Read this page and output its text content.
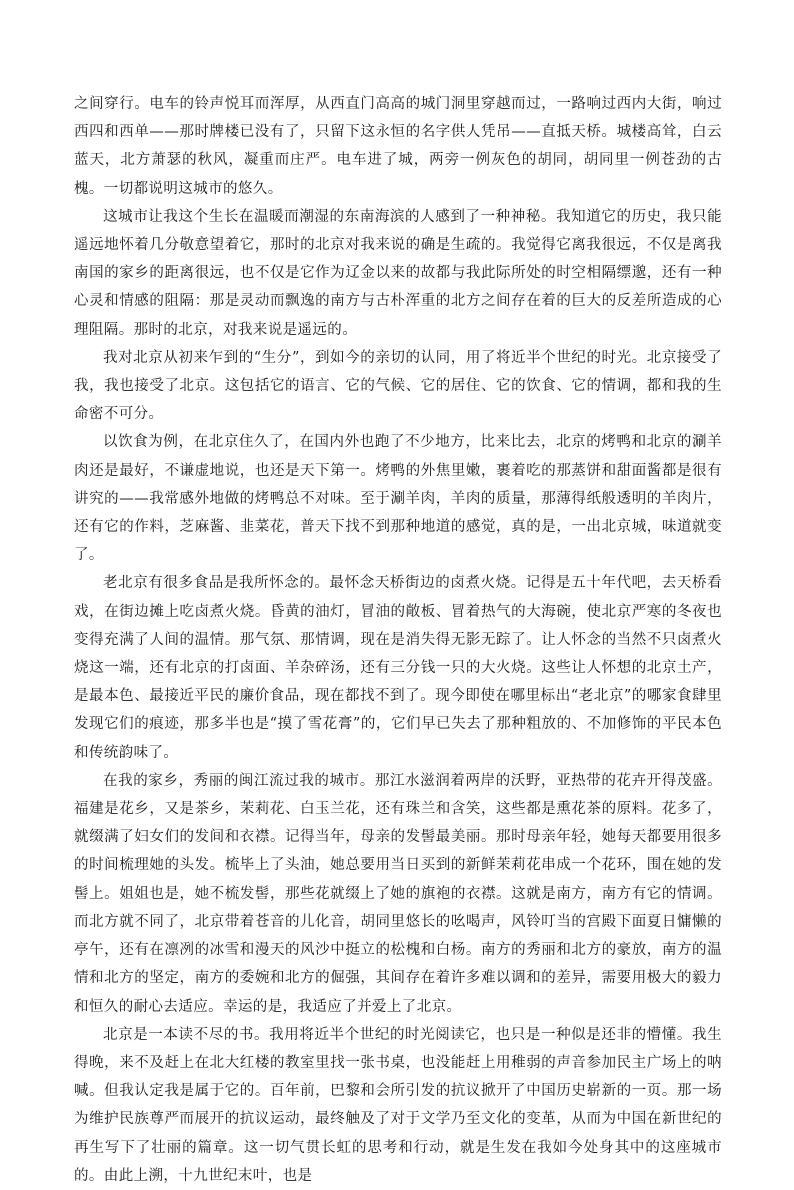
之间穿行。电车的铃声悦耳而浑厚，从西直门高高的城门洞里穿越而过，一路响过西内大街，响过西四和西单——那时牌楼已没有了，只留下这永恒的名字供人凭吊——直抵天桥。城楼高耸，白云蓝天，北方萧瑟的秋风，凝重而庄严。电车进了城，两旁一例灰色的胡同，胡同里一例苍劲的古槐。一切都说明这城市的悠久。

这城市让我这个生长在温暖而潮湿的东南海滨的人感到了一种神秘。我知道它的历史，我只能遥远地怀着几分敬意望着它，那时的北京对我来说的确是生疏的。我觉得它离我很远，不仅是离我南国的家乡的距离很远，也不仅是它作为辽金以来的故都与我此际所处的时空相隔缥邈，还有一种心灵和情感的阻隔：那是灵动而飘逸的南方与古朴浑重的北方之间存在着的巨大的反差所造成的心理阻隔。那时的北京，对我来说是遥远的。

我对北京从初来乍到的“生分”，到如今的亲切的认同，用了将近半个世纪的时光。北京接受了我，我也接受了北京。这包括它的语言、它的气候、它的居住、它的饮食、它的情调，都和我的生命密不可分。

以饮食为例，在北京住久了，在国内外也跑了不少地方，比来比去，北京的烤鸭和北京的涮羊肉还是最好，不谦虚地说，也还是天下第一。烤鸭的外焦里嫩，裹着吃的那蒸饼和甜面酱都是很有讲究的——我常感外地做的烤鸭总不对味。至于涮羊肉，羊肉的质量，那薄得纸般透明的羊肉片，还有它的作料，芝麻酱、韭菜花，普天下找不到那种地道的感觉，真的是，一出北京城，味道就变了。

老北京有很多食品是我所怀念的。最怀念天桥街边的卤煮火烧。记得是五十年代吧，去天桥看戏，在街边摊上吃卤煮火烧。昏黄的油灯，冒油的敞板、冒着热气的大海碗，使北京严寒的冬夜也变得充满了人间的温情。那气氛、那情调，现在是消失得无影无踪了。让人怀念的当然不只卤煮火烧这一端，还有北京的打卤面、羊杂碎汤，还有三分钱一只的大火烧。这些让人怀想的北京土产，是最本色、最接近平民的廉价食品，现在都找不到了。现今即使在哪里标出“老北京”的哪家食肆里发现它们的痕迹，那多半也是“摸了雪花膏”的，它们早已失去了那种粗放的、不加修饰的平民本色和传统韵味了。

在我的家乡，秀丽的闽江流过我的城市。那江水滋润着两岸的沃野，亚热带的花卉开得茂盛。福建是花乡，又是茶乡，茉莉花、白玉兰花，还有珠兰和含笑，这些都是熏花茶的原料。花多了，就缀满了妇女们的发间和衣襟。记得当年，母亲的发髻最美丽。那时母亲年轻，她每天都要用很多的时间梳理她的头发。梳毕上了头油，她总要用当日买到的新鲜茉莉花串成一个花环，围在她的发髻上。姐姐也是，她不梳发髻，那些花就缀上了她的旗袍的衣襟。这就是南方，南方有它的情调。而北方就不同了，北京带着苍音的儿化音，胡同里悠长的吆喝声，风铃叮当的宫殿下面夏日慵懒的亭午，还有在凛冽的冰雪和漫天的风沙中挺立的松槐和白杨。南方的秀丽和北方的豪放，南方的温情和北方的坚定，南方的委婉和北方的倔强，其间存在着许多难以调和的差异，需要用极大的毅力和恒久的耐心去适应。幸运的是，我适应了并爱上了北京。

北京是一本读不尽的书。我用将近半个世纪的时光阅读它，也只是一种似是还非的懵懂。我生得晚，来不及赶上在北大红楼的教室里找一张书桌，也没能赶上用稚弱的声音参加民主广场上的呐喊。但我认定我是属于它的。百年前，巴黎和会所引发的抗议掀开了中国历史崭新的一页。那一场为维护民族尊严而展开的抗议运动，最终触及了对于文学乃至文化的变革，从而为中国在新世纪的再生写下了壮丽的篇章。这一切气贯长虹的思考和行动，就是生发在我如今处身其中的这座城市的。由此上溯，十九世纪末叶，也是
